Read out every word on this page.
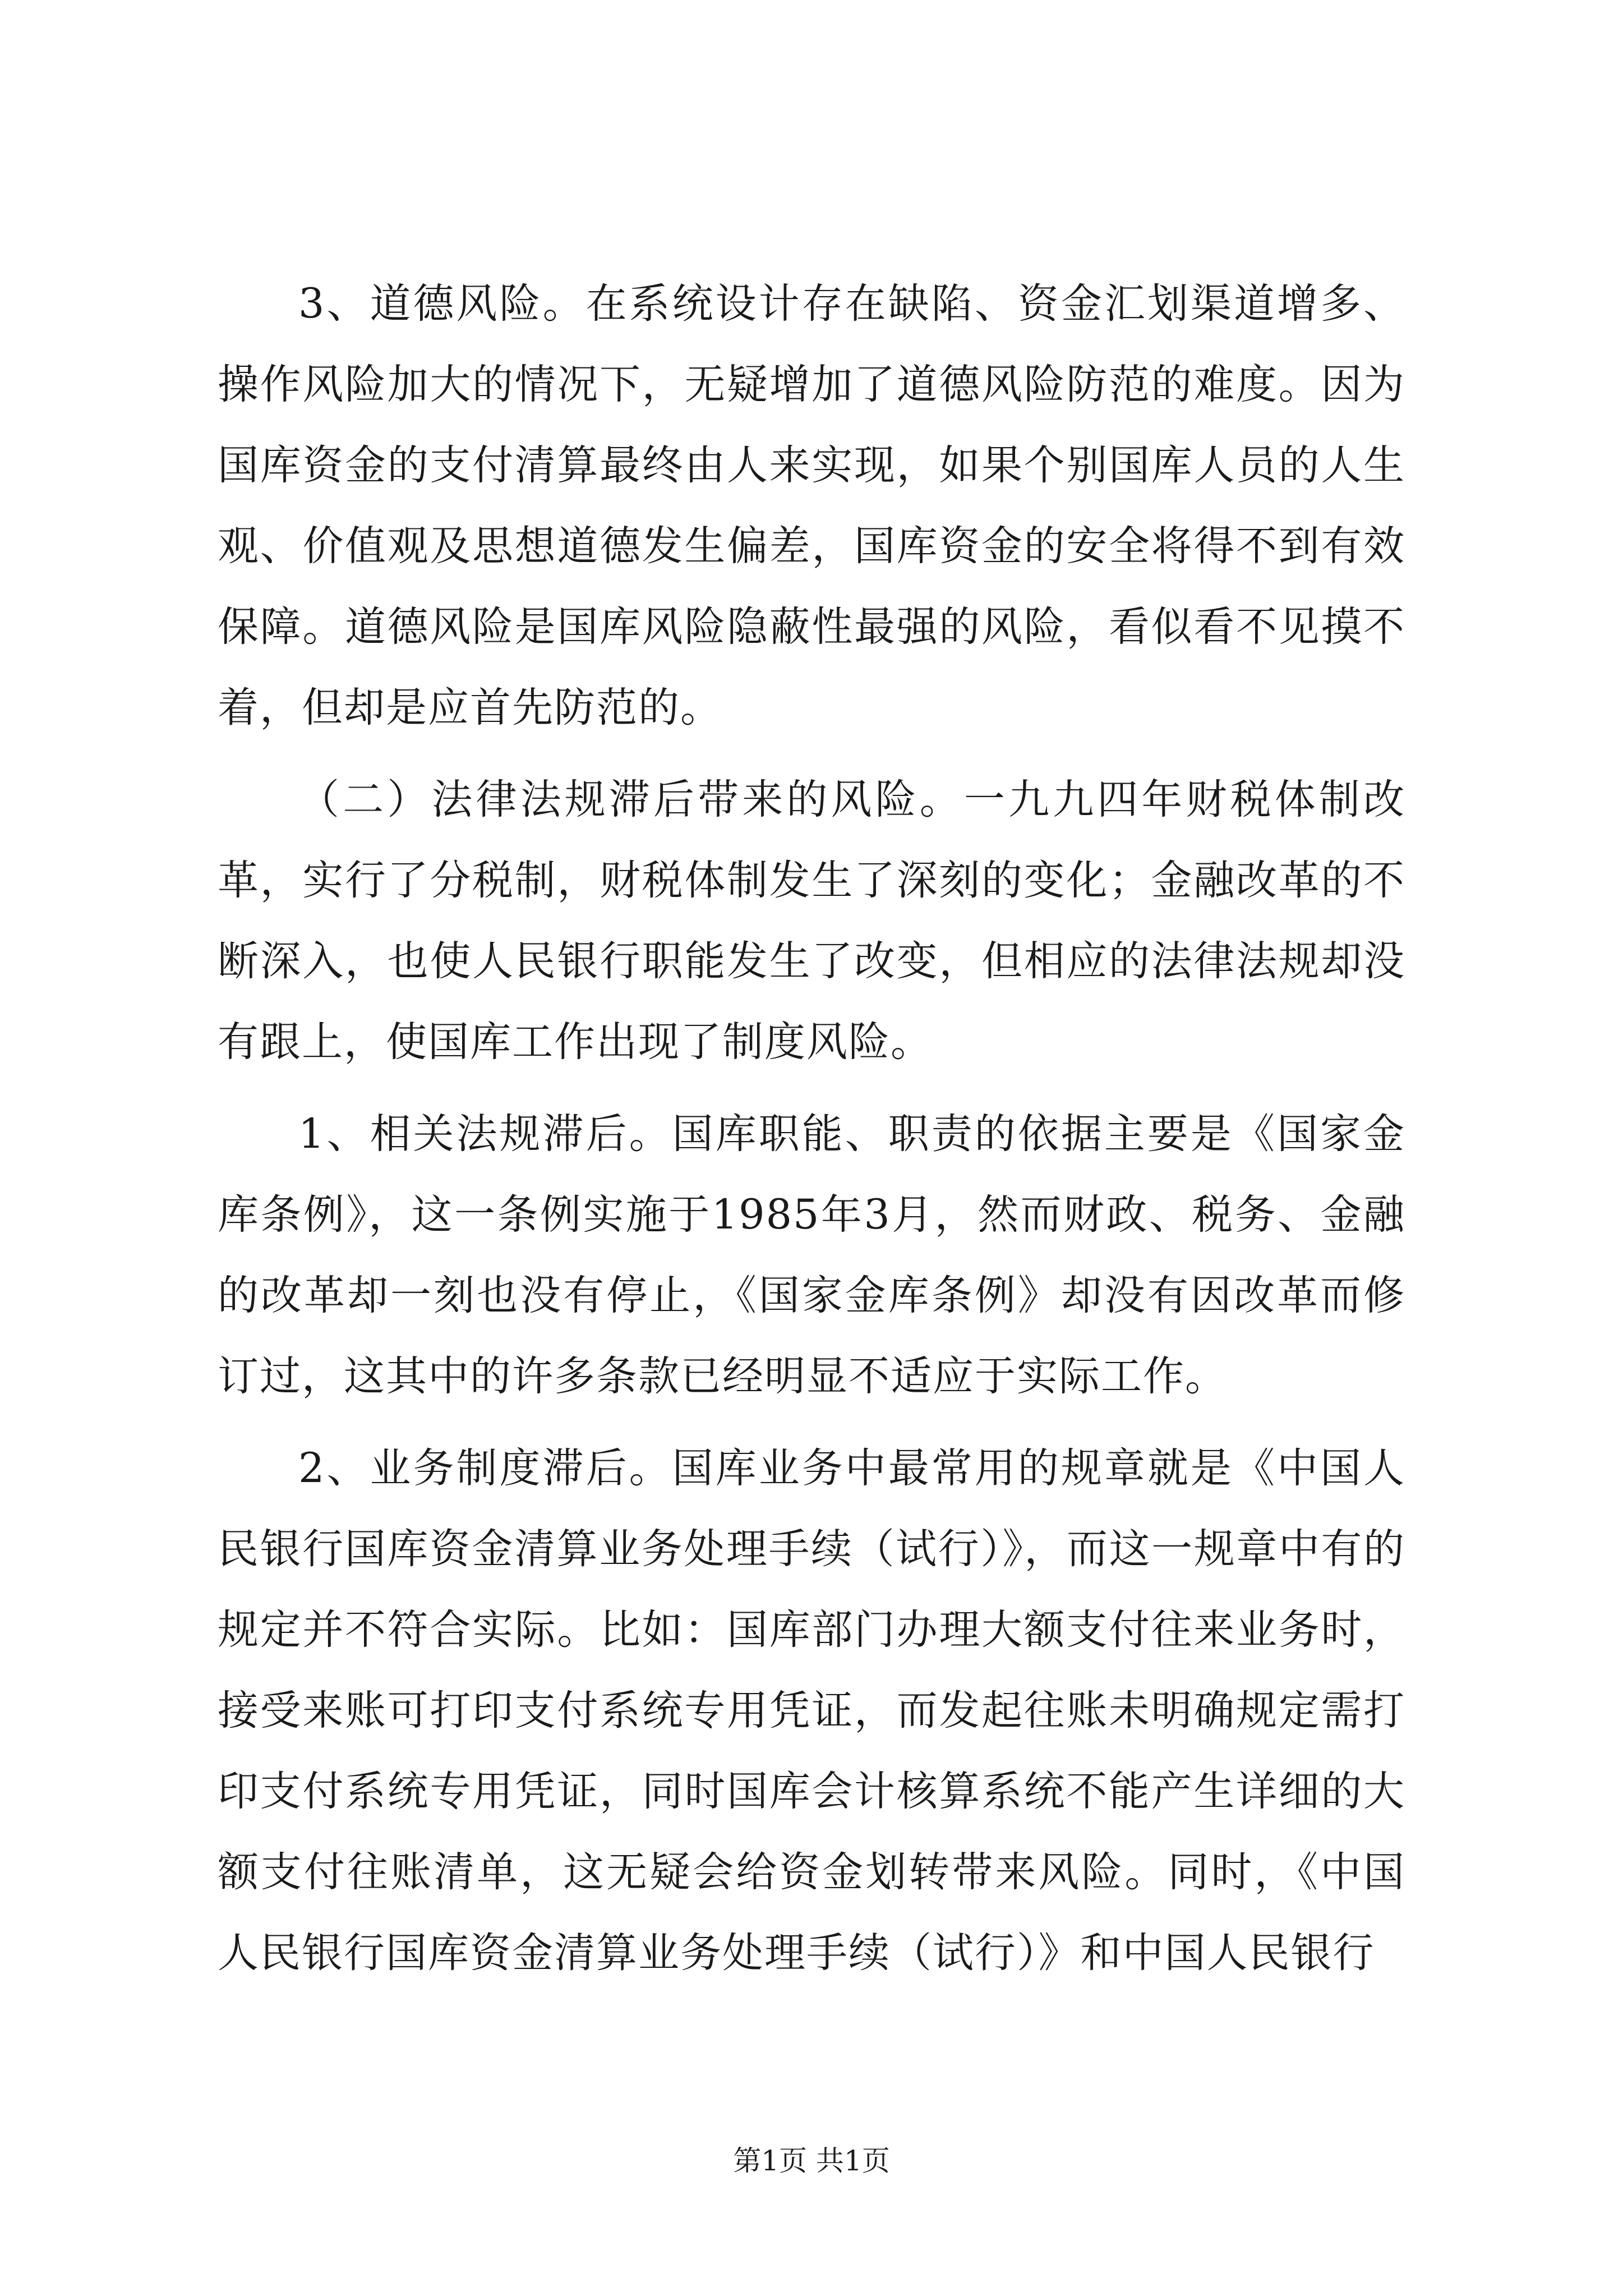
3、道德风险。在系统设计存在缺陷、资金汇划渠道增多、操作风险加大的情况下，无疑增加了道德风险防范的难度。因为国库资金的支付清算最终由人来实现，如果个别国库人员的人生观、价值观及思想道德发生偏差，国库资金的安全将得不到有效保障。道德风险是国库风险隐蔽性最强的风险，看似看不见摸不着，但却是应首先防范的。

（二）法律法规滞后带来的风险。一九九四年财税体制改革，实行了分税制，财税体制发生了深刻的变化；金融改革的不断深入，也使人民银行职能发生了改变，但相应的法律法规却没有跟上，使国库工作出现了制度风险。

1、相关法规滞后。国库职能、职责的依据主要是《国家金库条例》，这一条例实施于1985年3月，然而财政、税务、金融的改革却一刻也没有停止，《国家金库条例》却没有因改革而修订过，这其中的许多条款已经明显不适应于实际工作。

2、业务制度滞后。国库业务中最常用的规章就是《中国人民银行国库资金清算业务处理手续（试行）》，而这一规章中有的规定并不符合实际。比如：国库部门办理大额支付往来业务时，接受来账可打印支付系统专用凭证，而发起往账未明确规定需打印支付系统专用凭证，同时国库会计核算系统不能产生详细的大额支付往账清单，这无疑会给资金划转带来风险。同时，《中国人民银行国库资金清算业务处理手续（试行）》和中国人民银行

第1页 共1页
